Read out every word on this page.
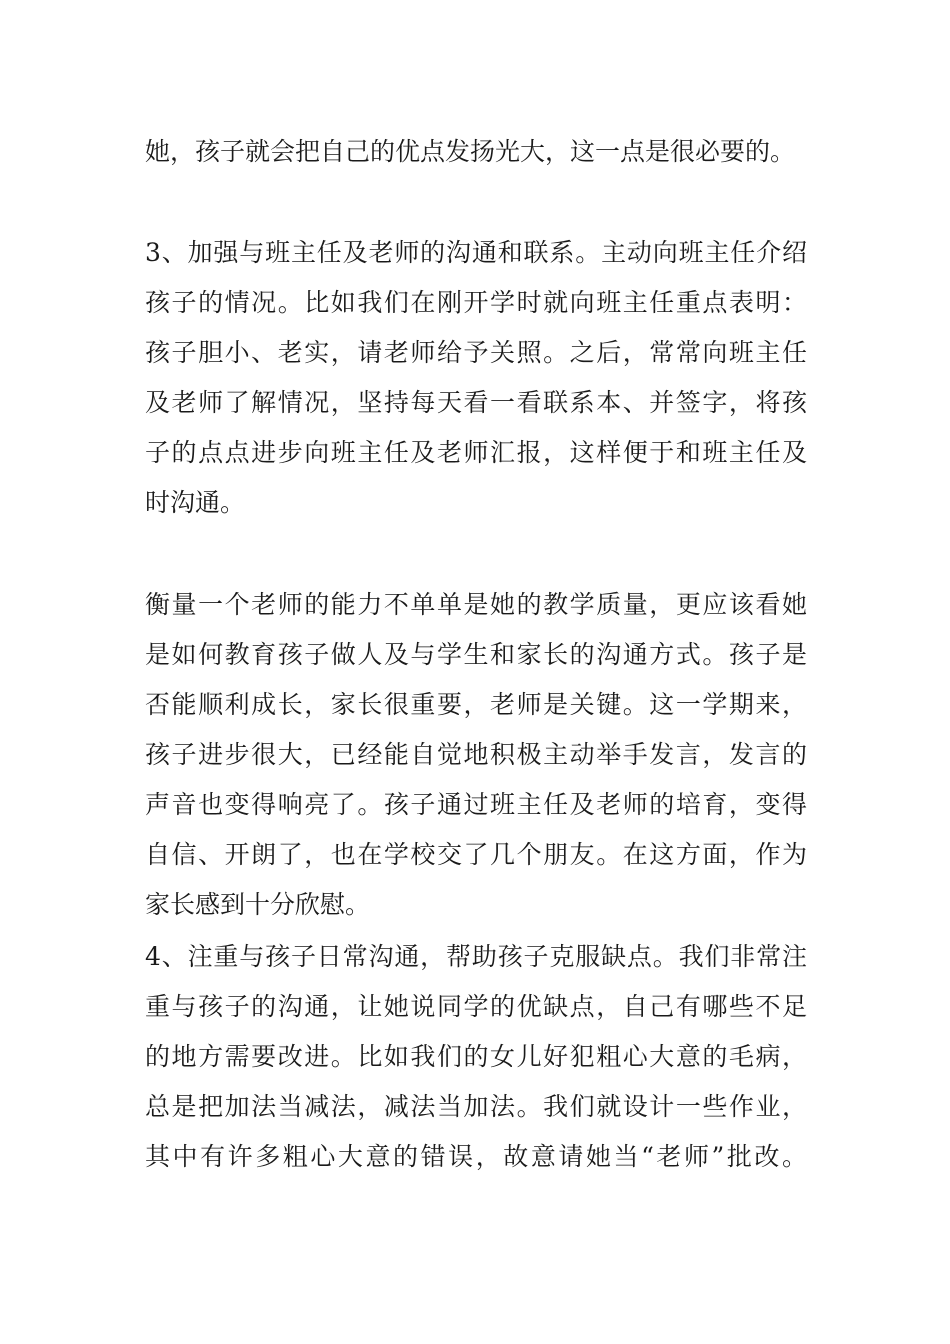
她，孩子就会把自己的优点发扬光大，这一点是很必要的。

3、加强与班主任及老师的沟通和联系。主动向班主任介绍
孩子的情况。比如我们在刚开学时就向班主任重点表明：
孩子胆小、老实，请老师给予关照。之后，常常向班主任
及老师了解情况，坚持每天看一看联系本、并签字，将孩
子的点点进步向班主任及老师汇报，这样便于和班主任及
时沟通。

衡量一个老师的能力不单单是她的教学质量，更应该看她
是如何教育孩子做人及与学生和家长的沟通方式。孩子是
否能顺利成长，家长很重要，老师是关键。这一学期来，
孩子进步很大，已经能自觉地积极主动举手发言，发言的
声音也变得响亮了。孩子通过班主任及老师的培育，变得
自信、开朗了，也在学校交了几个朋友。在这方面，作为
家长感到十分欣慰。

4、注重与孩子日常沟通，帮助孩子克服缺点。我们非常注
重与孩子的沟通，让她说同学的优缺点，自己有哪些不足
的地方需要改进。比如我们的女儿好犯粗心大意的毛病，
总是把加法当减法，减法当加法。我们就设计一些作业，
其中有许多粗心大意的错误，故意请她当“老师”批改。
